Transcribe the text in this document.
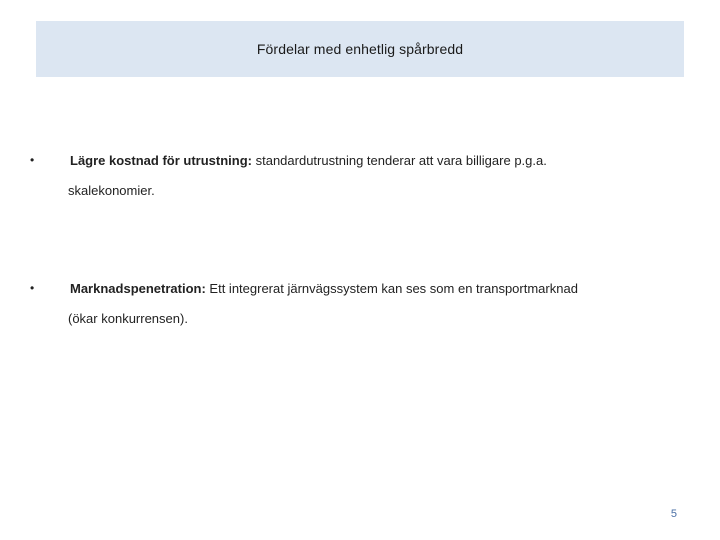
Fördelar med enhetlig spårbredd
•	Lägre kostnad för utrustning: standardutrustning tenderar att vara billigare p.g.a.
skalekonomier.
•	Marknadspenetration: Ett integrerat järnvägssystem kan ses som en transportmarknad
(ökar konkurrensen).
5
